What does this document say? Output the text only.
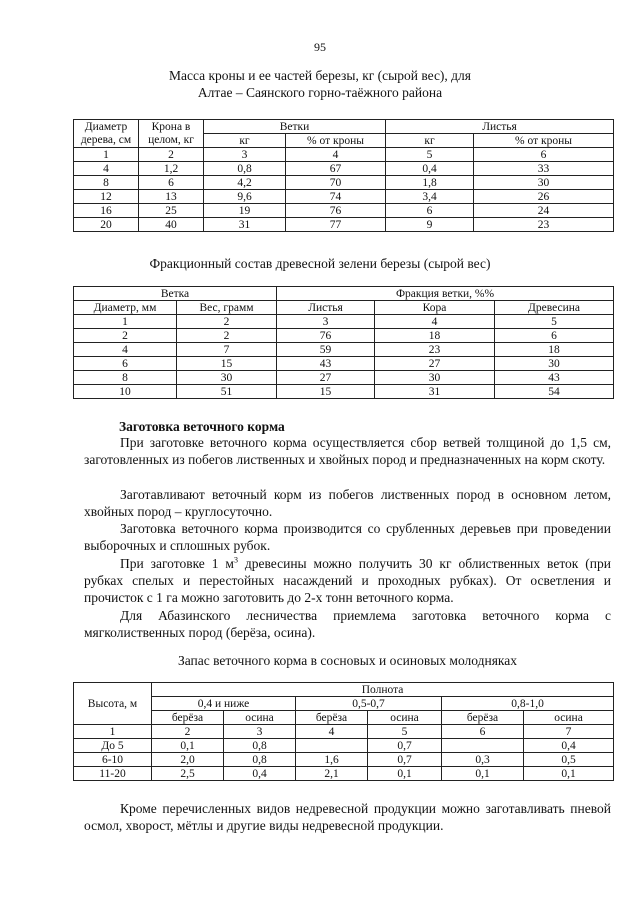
95
Масса кроны и ее частей березы, кг (сырой вес), для
Алтае – Саянского горно-таёжного района
Диаметр дерева, см	Крона в целом, кг	Ветки		Листья	
		кг	% от кроны	кг	% от кроны
1	2	3	4	5	6
4	1,2	0,8	67	0,4	33
8	6	4,2	70	1,8	30
12	13	9,6	74	3,4	26
16	25	19	76	6	24
20	40	31	77	9	23
Фракционный состав древесной зелени березы (сырой вес)
Ветка		Фракция ветки, %%		
Диаметр, мм	Вес, грамм	Листья	Кора	Древесина
1	2	3	4	5
2	2	76	18	6
4	7	59	23	18
6	15	43	27	30
8	30	27	30	43
10	51	15	31	54
Заготовка веточного корма
При заготовке веточного корма осуществляется сбор ветвей толщиной до 1,5 см, заготовленных из побегов лиственных и хвойных пород и предназначенных на корм скоту.
Заготавливают веточный корм из побегов лиственных пород в основном летом, хвойных пород – круглосуточно.
Заготовка веточного корма производится со срубленных деревьев при проведении выборочных и сплошных рубок.
При заготовке 1 $м^3$ древесины можно получить 30 кг облиственных веток (при рубках спелых и перестойных насаждений и проходных рубках). От осветления и прочисток с 1 га можно заготовить до 2-х тонн веточного корма.
Для Абазинского лесничества приемлема заготовка веточного корма с мягколиственных пород (берёза, осина).
Запас веточного корма в сосновых и осиновых молодняках
Высота, м	Полнота					
	0,4 и ниже		0,5-0,7		0,8-1,0	
	берёза	осина	берёза	осина	берёза	осина
1	2	3	4	5	6	7
До 5	0,1	0,8		0,7		0,4
6-10	2,0	0,8	1,6	0,7	0,3	0,5
11-20	2,5	0,4	2,1	0,1	0,1	0,1
Кроме перечисленных видов недревесной продукции можно заготавливать пневой осмол, хворост, мётлы и другие виды недревесной продукции.
